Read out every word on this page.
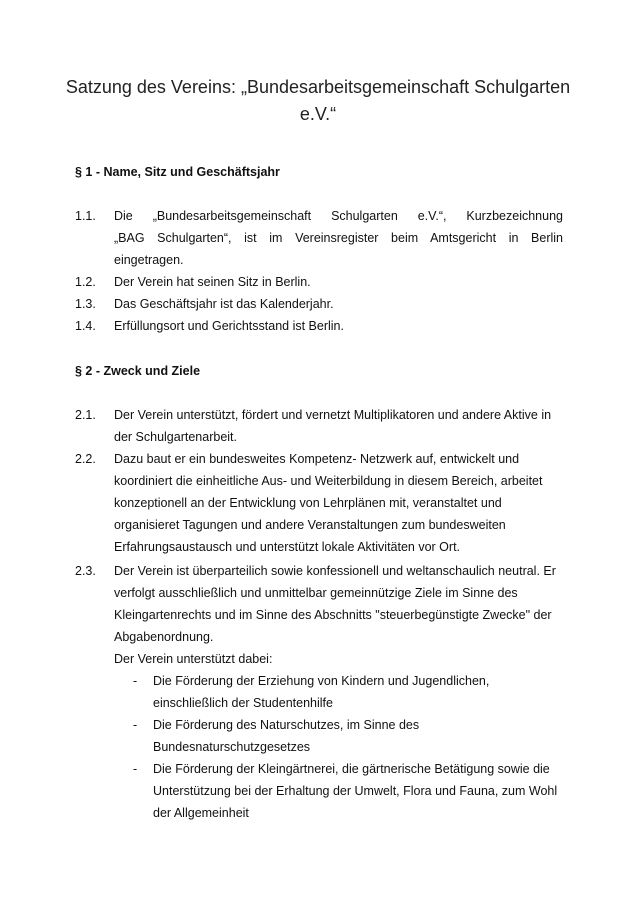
Satzung des Vereins: „Bundesarbeitsgemeinschaft Schulgarten e.V.“
§ 1 - Name, Sitz und Geschäftsjahr
1.1.	Die „Bundesarbeitsgemeinschaft Schulgarten e.V.“, Kurzbezeichnung
„BAG Schulgarten“, ist im Vereinsregister beim Amtsgericht in Berlin
eingetragen.
1.2.	Der Verein hat seinen Sitz in Berlin.
1.3.	Das Geschäftsjahr ist das Kalenderjahr.
1.4.	Erfüllungsort und Gerichtsstand ist Berlin.
§ 2 - Zweck und Ziele
2.1.	Der Verein unterstützt, fördert und vernetzt Multiplikatoren und andere Aktive in der Schulgartenarbeit.
2.2.	Dazu baut er ein bundesweites Kompetenz- Netzwerk auf, entwickelt und koordiniert die einheitliche Aus- und Weiterbildung in diesem Bereich, arbeitet konzeptionell an der Entwicklung von Lehrplänen mit, veranstaltet und organisieret Tagungen und andere Veranstaltungen zum bundesweiten Erfahrungsaustausch und unterstützt lokale Aktivitäten vor Ort.
2.3.	Der Verein ist überparteilich sowie konfessionell und weltanschaulich neutral. Er verfolgt ausschließlich und unmittelbar gemeinnützige Ziele im Sinne des Kleingartenrechts und im Sinne des Abschnitts "steuerbegünstigte Zwecke" der Abgabenordnung.
Der Verein unterstützt dabei:
- Die Förderung der Erziehung von Kindern und Jugendlichen, einschließlich der Studentenhilfe
- Die Förderung des Naturschutzes, im Sinne des Bundesnaturschutzgesetzes
- Die Förderung der Kleingärtnerei, die gärtnerische Betätigung sowie die Unterstützung bei der Erhaltung der Umwelt, Flora und Fauna, zum Wohl der Allgemeinheit
